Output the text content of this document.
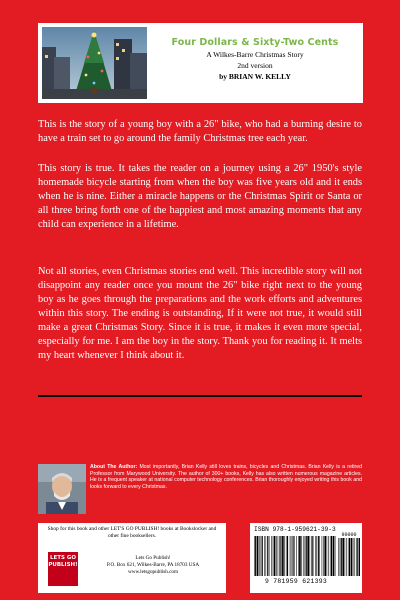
Four Dollars & Sixty-Two Cents
A Wilkes-Barre Christmas Story
2nd version
by BRIAN W. KELLY

This is the story of a young boy with a 26" bike, who had a burning desire to have a train set to go around the family Christmas tree each year.

This story is true. It takes the reader on a journey using a 26" 1950's style homemade bicycle starting from when the boy was five years old and it ends when he is nine. Either a miracle happens or the Christmas Spirit or Santa or all three bring forth one of the happiest and most amazing moments that any child can experience in a lifetime.

Not all stories, even Christmas stories end well. This incredible story will not disappoint any reader once you mount the 26" bike right next to the young boy as he goes through the preparations and the work efforts and adventures within this story. The ending is outstanding, If it were not true, it would still make a great Christmas Story. Since it is true, it makes it even more special, especially for me. I am the boy in the story. Thank you for reading it. It melts my heart whenever I think about it.

About The Author: Most importantly, Brian Kelly still loves trains, bicycles and Christmas. Brian Kelly is a retired Professor from Marywood University. The author of 300+ books, Kelly has also written numerous magazine articles. He is a frequent speaker at national computer technology conferences. Brian thoroughly enjoyed writing this book and looks forward to every Christmas.

Shop for this book and other LET'S GO PUBLISH! books at Bookslocker and other fine booksellers.
LETS GO PUBLISH!
Lets Go Publish!
P.O. Box 621, Wilkes-Barre, PA 18703 USA
www.letsgopublish.com
ISBN 978-1-959621-39-3
90000
9 781959 621393
